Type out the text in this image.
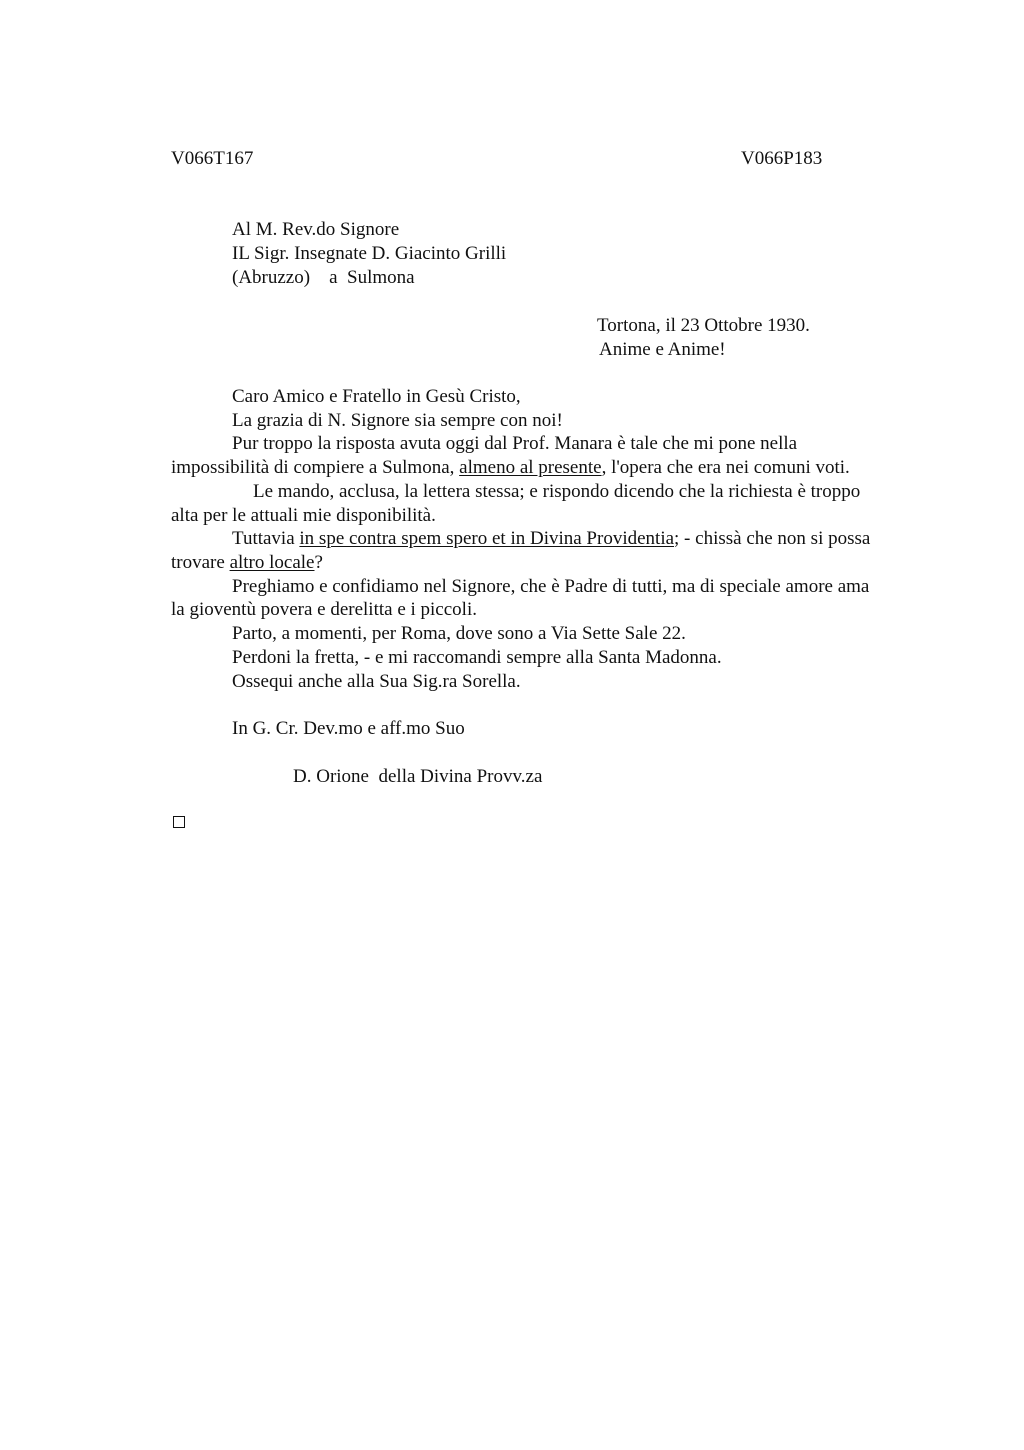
V066T167	V066P183
Al M. Rev.do Signore
IL Sigr. Insegnate D. Giacinto Grilli
(Abruzzo)    a  Sulmona
Tortona, il 23 Ottobre 1930.
Anime e Anime!
Caro Amico e Fratello in Gesù Cristo,
La grazia di N. Signore sia sempre con noi!
Pur troppo la risposta avuta oggi dal Prof. Manara è tale che mi pone nella
impossibilità di compiere a Sulmona, almeno al presente, l'opera che era nei comuni voti.
Le mando, acclusa, la lettera stessa; e rispondo dicendo che la richiesta è troppo
alta per le attuali mie disponibilità.
Tuttavia in spe contra spem spero et in Divina Providentia; - chissà che non si possa
trovare altro locale?
Preghiamo e confidiamo nel Signore, che è Padre di tutti, ma di speciale amore ama
la gioventù povera e derelitta e i piccoli.
Parto, a momenti, per Roma, dove sono a Via Sette Sale 22.
Perdoni la fretta, - e mi raccomandi sempre alla Santa Madonna.
Ossequi anche alla Sua Sig.ra Sorella.
In G. Cr. Dev.mo e aff.mo Suo
D. Orione  della Divina Provv.za
